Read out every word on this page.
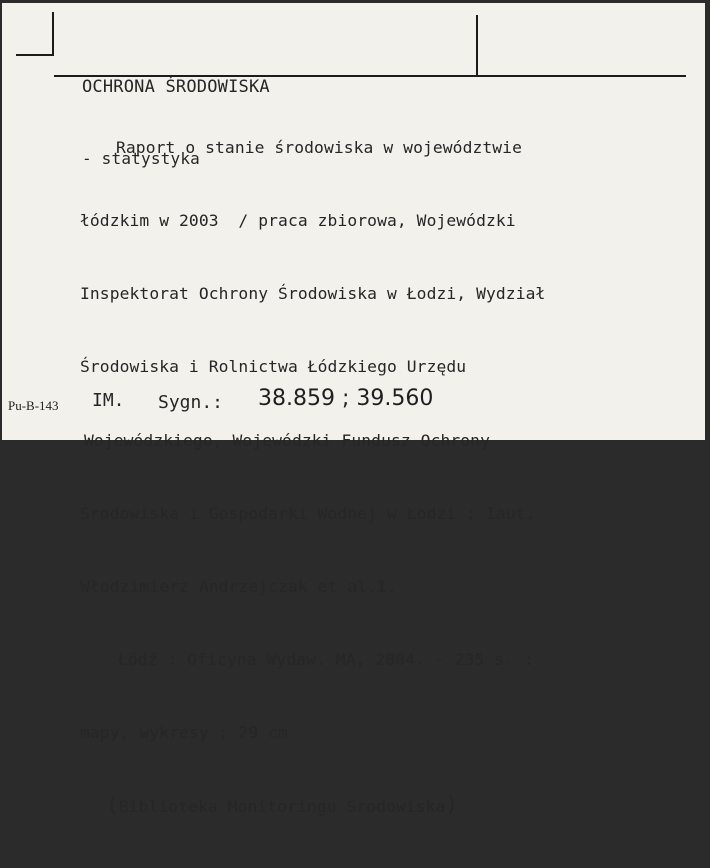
OCHRONA ŚRODOWISKA

- statystyka

Raport o stanie środowiska w województwie

łódzkim w 2003  / praca zbiorowa, Wojewódzki

Inspektorat Ochrony Środowiska w Łodzi, Wydział

Środowiska i Rolnictwa Łódzkiego Urzędu

Wojewódzkiego, Wojewódzki Fundusz Ochrony

Środowiska i Gospodarki Wodnej w Łodzi ; Iaut.

Włodzimierz Andrzejczak et al.I.

Łódź : Oficyna Wydaw. MA, 2004. - 235 s. :

mapy, wykresy ; 29 cm

(Biblioteka Monitoringu Środowiska)

Pu-B-143 IM. Sygn.: 38.859 ; 39.560
